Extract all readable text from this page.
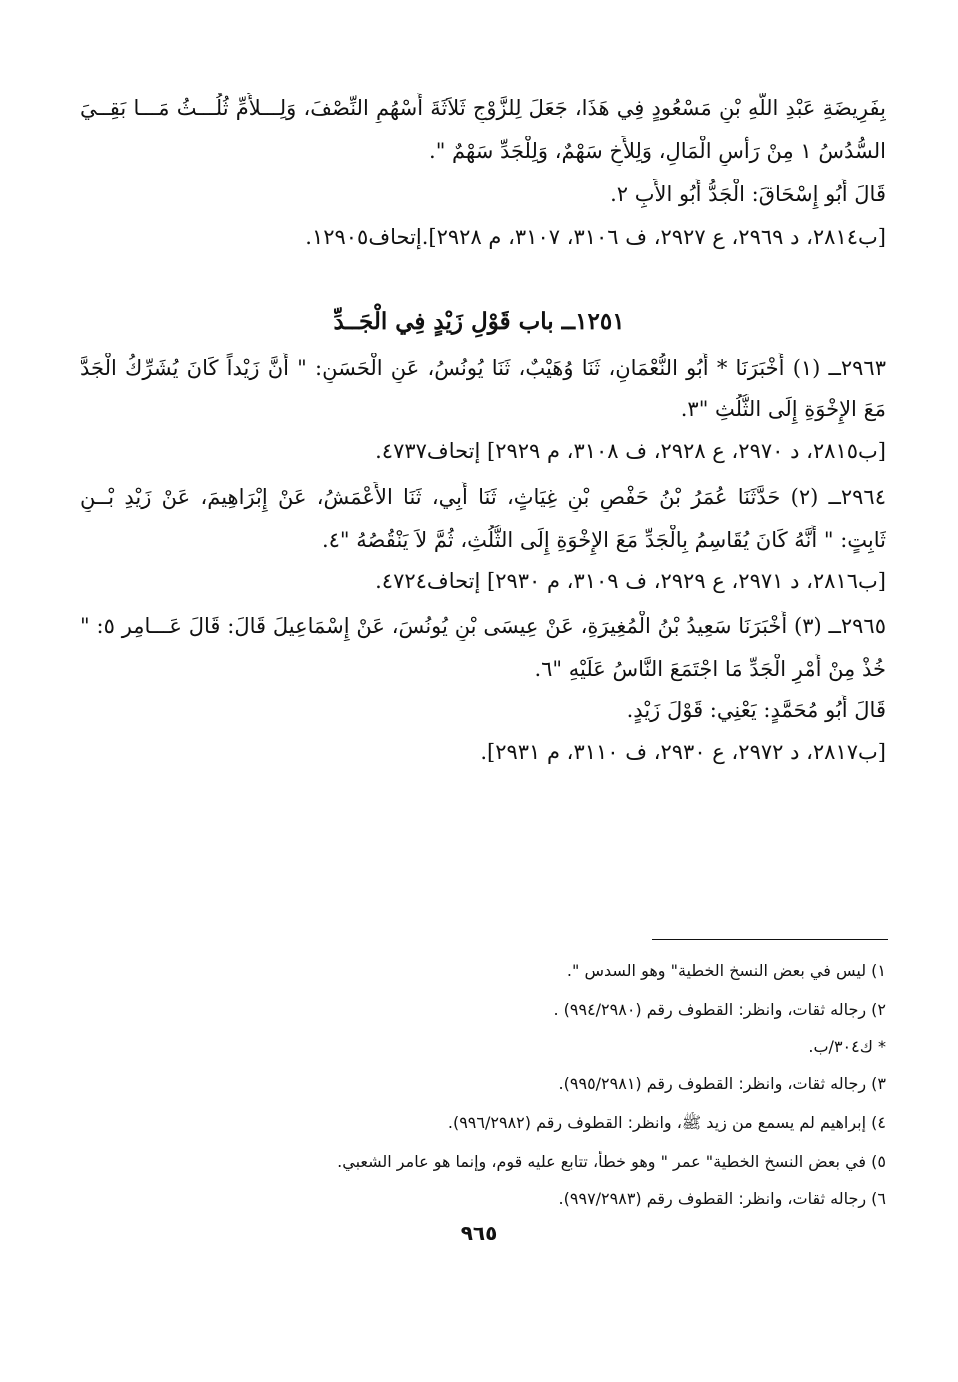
بِفَرِيضَةِ عَبْدِ اللَّهِ بْنِ مَسْعُودٍ فِي هَذَا، جَعَلَ لِلزَّوْجِ ثَلاَثَةَ أَسْهُمٍ النِّصْفَ، وَلِـــلأُمِّ ثُلُـــثُ مَـــا بَقِــيَ
السُّدُسُ ١ مِنْ رَأْسِ الْمَالِ، وَلِلأَخِ سَهْمٌ، وَلِلْجَدِّ سَهْمٌ ".
قَالَ أَبُو إِسْحَاقَ: الْجَدُّ أَبُو الأَبِ ٢.
[ب٢٨١٤، د ٢٩٦٩، ع ٢٩٢٧، ف ٣١٠٦، ٣١٠٧، م ٢٩٢٨].إتحاف١٢٩٠٥.
١٢٥١ــ باب قَوْلِ زَيْدٍ فِي الْجَــدِّ
٢٩٦٣ــ (١) أَخْبَرَنَا * أَبُو النُّعْمَانِ، ثَنَا وُهَيْبٌ، ثَنَا يُونُسُ، عَنِ الْحَسَنِ: " أَنَّ زَيْداً كَانَ يُشَرِّكُ الْجَدَّ
مَعَ الإِخْوَةِ إِلَى الثُّلُثِ "٣.
[ب٢٨١٥، د ٢٩٧٠، ع ٢٩٢٨، ف ٣١٠٨، م ٢٩٢٩] إتحاف٤٧٣٧.
٢٩٦٤ــ (٢) حَدَّثَنَا عُمَرُ بْنُ حَفْصِ بْنِ غِيَاثٍ، ثَنَا أَبِي، ثَنَا الأَعْمَشُ، عَنْ إِبْرَاهِيمَ، عَنْ زَيْدِ بْــنِ
ثَابِتٍ: " أَنَّهُ كَانَ يُقَاسِمُ بِالْجَدِّ مَعَ الإِخْوَةِ إِلَى الثُّلُثِ، ثُمَّ لاَ يَنْقُصُهُ "٤.
[ب٢٨١٦، د ٢٩٧١، ع ٢٩٢٩، ف ٣١٠٩، م ٢٩٣٠] إتحاف٤٧٢٤.
٢٩٦٥ــ (٣) أَخْبَرَنَا سَعِيدُ بْنُ الْمُغِيرَةِ، عَنْ عِيسَى بْنِ يُونُسَ، عَنْ إِسْمَاعِيلَ قَالَ: قَالَ عَـــامِر ٥: "
خُذْ مِنْ أَمْرِ الْجَدِّ مَا اجْتَمَعَ النَّاسُ عَلَيْهِ "٦.
قَالَ أَبُو مُحَمَّدٍ: يَعْنِي: قَوْلَ زَيْدٍ.
[ب٢٨١٧، د ٢٩٧٢، ع ٢٩٣٠، ف ٣١١٠، م ٢٩٣١].
١) ليس في بعض النسخ الخطية" وهو السدس ".
٢) رجاله ثقات، وانظر: القطوف رقم (٩٩٤/٢٩٨٠) .
* ك٣٠٤/ب.
٣) رجاله ثقات، وانظر: القطوف رقم (٩٩٥/٢٩٨١).
٤) إبراهيم لم يسمع من زيد ﷺ، وانظر: القطوف رقم (٩٩٦/٢٩٨٢).
٥) في بعض النسخ الخطية" عمر " وهو خطأ، تتابع عليه قوم، وإنما هو عامر الشعبي.
٦) رجاله ثقات، وانظر: القطوف رقم (٩٩٧/٢٩٨٣).
٩٦٥
